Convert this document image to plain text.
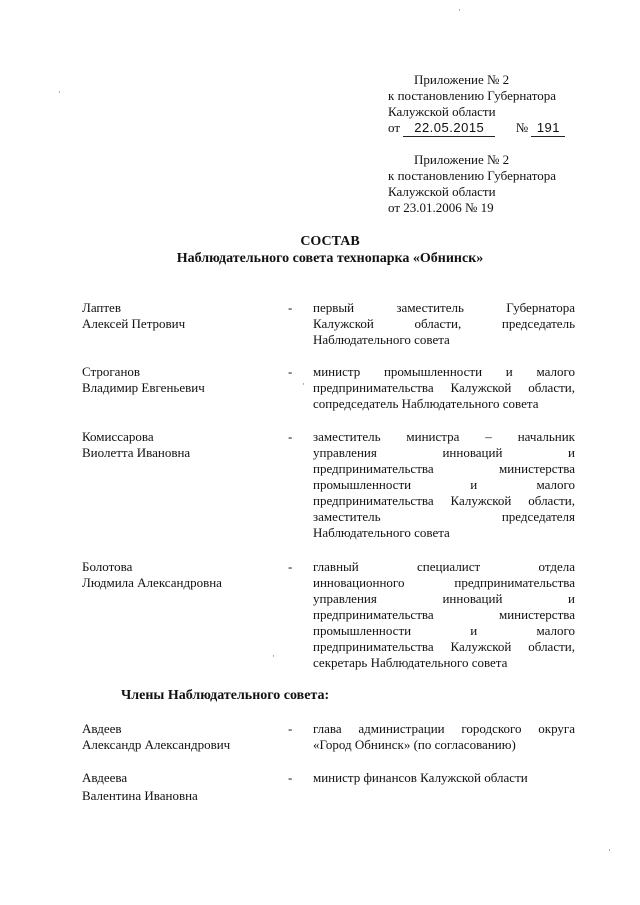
Приложение № 2
к постановлению Губернатора
Калужской области
от 22.05.2015 № 191
Приложение № 2
к постановлению Губернатора
Калужской области
от 23.01.2006 № 19
СОСТАВ
Наблюдательного совета технопарка «Обнинск»
Лаптев
Алексей Петрович
-	первый заместитель Губернатора
Калужской области, председатель
Наблюдательного совета
Строганов
Владимир Евгеньевич
-	министр промышленности и малого
предпринимательства Калужской области,
сопредседатель Наблюдательного совета
Комиссарова
Виолетта Ивановна
-	заместитель министра – начальник
управления инноваций и
предпринимательства министерства
промышленности и малого
предпринимательства Калужской области,
заместитель председателя
Наблюдательного совета
Болотова
Людмила Александровна
-	главный специалист отдела
инновационного предпринимательства
управления инноваций и
предпринимательства министерства
промышленности и малого
предпринимательства Калужской области,
секретарь Наблюдательного совета
Члены Наблюдательного совета:
Авдеев
Александр Александрович
-	глава администрации городского округа
«Город Обнинск» (по согласованию)
Авдеева
Валентина Ивановна
-	министр финансов Калужской области
·
·
·
·
·
